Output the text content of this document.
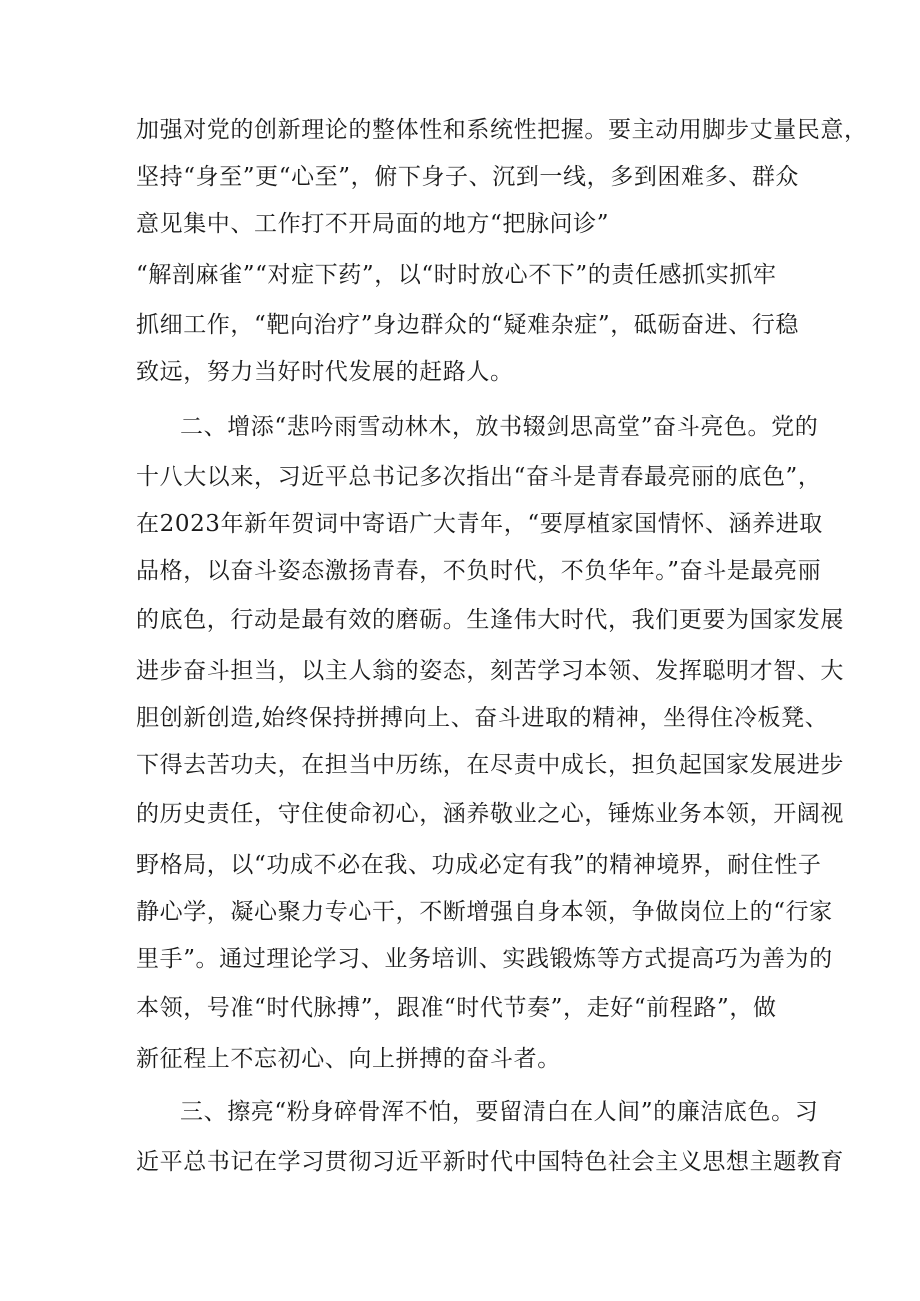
加强对党的创新理论的整体性和系统性把握。要主动用脚步丈量民意，
坚持“身至”更“心至”，俯下身子、沉到一线，多到困难多、群众
意见集中、工作打不开局面的地方“把脉问诊”
“解剖麻雀”“对症下药”，以“时时放心不下”的责任感抓实抓牢
抓细工作，“靶向治疗”身边群众的“疑难杂症”，砥砺奋进、行稳
致远，努力当好时代发展的赶路人。
二、增添“悲吟雨雪动林木，放书辍剑思高堂”奋斗亮色。党的
十八大以来，习近平总书记多次指出“奋斗是青春最亮丽的底色”，
在2023年新年贺词中寄语广大青年，“要厚植家国情怀、涵养进取
品格，以奋斗姿态激扬青春，不负时代，不负华年。”奋斗是最亮丽
的底色，行动是最有效的磨砺。生逢伟大时代，我们更要为国家发展
进步奋斗担当，以主人翁的姿态，刻苦学习本领、发挥聪明才智、大
胆创新创造,始终保持拼搏向上、奋斗进取的精神，坐得住冷板凳、
下得去苦功夫，在担当中历练，在尽责中成长，担负起国家发展进步
的历史责任，守住使命初心，涵养敬业之心，锤炼业务本领，开阔视
野格局，以“功成不必在我、功成必定有我”的精神境界，耐住性子
静心学，凝心聚力专心干，不断增强自身本领，争做岗位上的“行家
里手”。通过理论学习、业务培训、实践锻炼等方式提高巧为善为的
本领，号准“时代脉搏”，跟准“时代节奏”，走好“前程路”，做
新征程上不忘初心、向上拼搏的奋斗者。
三、擦亮“粉身碎骨浑不怕，要留清白在人间”的廉洁底色。习
近平总书记在学习贯彻习近平新时代中国特色社会主义思想主题教育
